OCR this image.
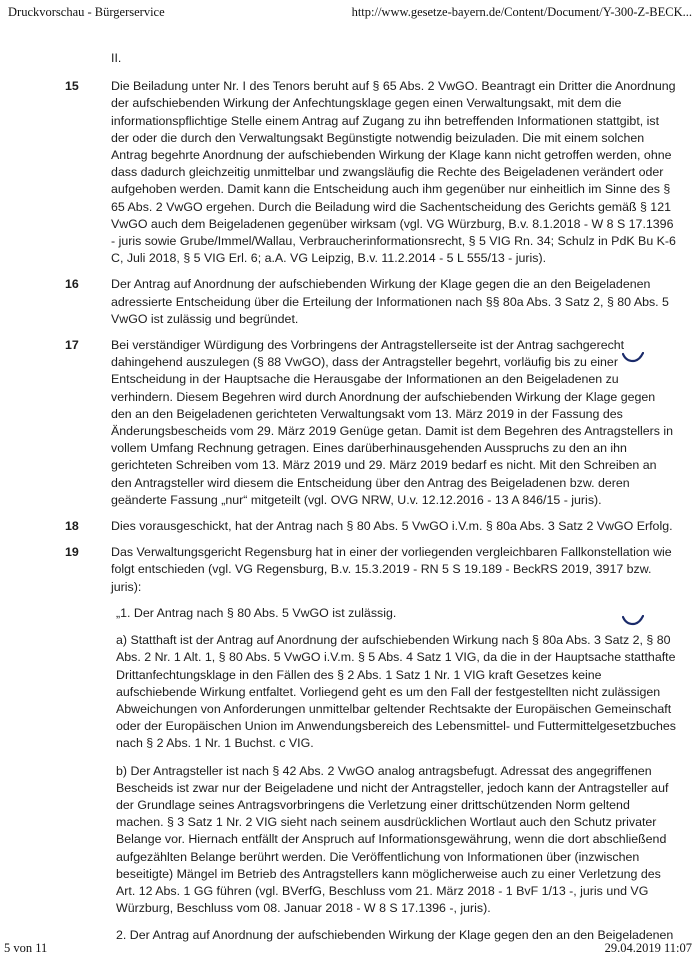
Druckvorschau - Bürgerservice	http://www.gesetze-bayern.de/Content/Document/Y-300-Z-BECK...
II.
15	Die Beiladung unter Nr. I des Tenors beruht auf § 65 Abs. 2 VwGO. Beantragt ein Dritter die Anordnung der aufschiebenden Wirkung der Anfechtungsklage gegen einen Verwaltungsakt, mit dem die informationspflichtige Stelle einem Antrag auf Zugang zu ihn betreffenden Informationen stattgibt, ist der oder die durch den Verwaltungsakt Begünstigte notwendig beizuladen. Die mit einem solchen Antrag begehrte Anordnung der aufschiebenden Wirkung der Klage kann nicht getroffen werden, ohne dass dadurch gleichzeitig unmittelbar und zwangsläufig die Rechte des Beigeladenen verändert oder aufgehoben werden. Damit kann die Entscheidung auch ihm gegenüber nur einheitlich im Sinne des § 65 Abs. 2 VwGO ergehen. Durch die Beiladung wird die Sachentscheidung des Gerichts gemäß § 121 VwGO auch dem Beigeladenen gegenüber wirksam (vgl. VG Würzburg, B.v. 8.1.2018 - W 8 S 17.1396 - juris sowie Grube/Immel/Wallau, Verbraucherinformationsrecht, § 5 VIG Rn. 34; Schulz in PdK Bu K-6 C, Juli 2018, § 5 VIG Erl. 6; a.A. VG Leipzig, B.v. 11.2.2014 - 5 L 555/13 - juris).
16	Der Antrag auf Anordnung der aufschiebenden Wirkung der Klage gegen die an den Beigeladenen adressierte Entscheidung über die Erteilung der Informationen nach §§ 80a Abs. 3 Satz 2, § 80 Abs. 5 VwGO ist zulässig und begründet.
17	Bei verständiger Würdigung des Vorbringens der Antragstellerseite ist der Antrag sachgerecht dahingehend auszulegen (§ 88 VwGO), dass der Antragsteller begehrt, vorläufig bis zu einer Entscheidung in der Hauptsache die Herausgabe der Informationen an den Beigeladenen zu verhindern. Diesem Begehren wird durch Anordnung der aufschiebenden Wirkung der Klage gegen den an den Beigeladenen gerichteten Verwaltungsakt vom 13. März 2019 in der Fassung des Änderungsbescheids vom 29. März 2019 Genüge getan. Damit ist dem Begehren des Antragstellers in vollem Umfang Rechnung getragen. Eines darüberhinausgehenden Ausspruchs zu den an ihn gerichteten Schreiben vom 13. März 2019 und 29. März 2019 bedarf es nicht. Mit den Schreiben an den Antragsteller wird diesem die Entscheidung über den Antrag des Beigeladenen bzw. deren geänderte Fassung „nur“ mitgeteilt (vgl. OVG NRW, U.v. 12.12.2016 - 13 A 846/15 - juris).
18	Dies vorausgeschickt, hat der Antrag nach § 80 Abs. 5 VwGO i.V.m. § 80a Abs. 3 Satz 2 VwGO Erfolg.
19	Das Verwaltungsgericht Regensburg hat in einer der vorliegenden vergleichbaren Fallkonstellation wie folgt entschieden (vgl. VG Regensburg, B.v. 15.3.2019 - RN 5 S 19.189 - BeckRS 2019, 3917 bzw. juris):
„1. Der Antrag nach § 80 Abs. 5 VwGO ist zulässig.
a) Statthaft ist der Antrag auf Anordnung der aufschiebenden Wirkung nach § 80a Abs. 3 Satz 2, § 80 Abs. 2 Nr. 1 Alt. 1, § 80 Abs. 5 VwGO i.V.m. § 5 Abs. 4 Satz 1 VIG, da die in der Hauptsache statthafte Drittanfechtungsklage in den Fällen des § 2 Abs. 1 Satz 1 Nr. 1 VIG kraft Gesetzes keine aufschiebende Wirkung entfaltet. Vorliegend geht es um den Fall der festgestellten nicht zulässigen Abweichungen von Anforderungen unmittelbar geltender Rechtsakte der Europäischen Gemeinschaft oder der Europäischen Union im Anwendungsbereich des Lebensmittel- und Futtermittelgesetzbuches nach § 2 Abs. 1 Nr. 1 Buchst. c VIG.
b) Der Antragsteller ist nach § 42 Abs. 2 VwGO analog antragsbefugt. Adressat des angegriffenen Bescheids ist zwar nur der Beigeladene und nicht der Antragsteller, jedoch kann der Antragsteller auf der Grundlage seines Antragsvorbringens die Verletzung einer drittschützenden Norm geltend machen. § 3 Satz 1 Nr. 2 VIG sieht nach seinem ausdrücklichen Wortlaut auch den Schutz privater Belange vor. Hiernach entfällt der Anspruch auf Informationsgewährung, wenn die dort abschließend aufgezählten Belange berührt werden. Die Veröffentlichung von Informationen über (inzwischen beseitigte) Mängel im Betrieb des Antragstellers kann möglicherweise auch zu einer Verletzung des Art. 12 Abs. 1 GG führen (vgl. BVerfG, Beschluss vom 21. März 2018 - 1 BvF 1/13 -, juris und VG Würzburg, Beschluss vom 08. Januar 2018 - W 8 S 17.1396 -, juris).
2. Der Antrag auf Anordnung der aufschiebenden Wirkung der Klage gegen den an den Beigeladenen
5 von 11	29.04.2019 11:07
